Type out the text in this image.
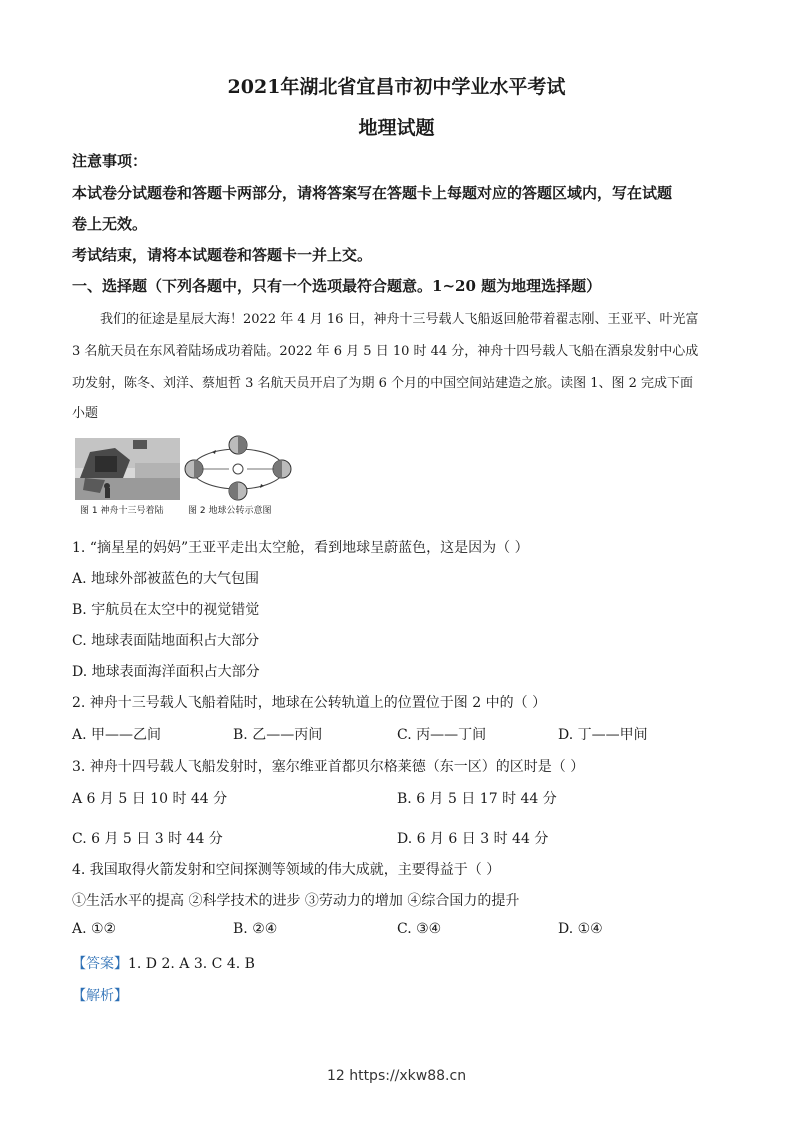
2021年湖北省宜昌市初中学业水平考试
地理试题
注意事项：
本试卷分试题卷和答题卡两部分，请将答案写在答题卡上每题对应的答题区域内，写在试题
卷上无效。
考试结束，请将本试题卷和答题卡一并上交。
一、选择题（下列各题中，只有一个选项最符合题意。1~20 题为地理选择题）
我们的征途是星辰大海！2022 年 4 月 16 日，神舟十三号载人飞船返回舱带着翟志刚、王亚平、叶光富
3 名航天员在东风着陆场成功着陆。2022 年 6 月 5 日 10 时 44 分，神舟十四号载人飞船在酒泉发射中心成
功发射，陈冬、刘洋、蔡旭哲 3 名航天员开启了为期 6 个月的中国空间站建造之旅。读图 1、图 2 完成下面
小题
图 1 神舟十三号着陆	图 2 地球公转示意图
1. “摘星星的妈妈”王亚平走出太空舱，看到地球呈蔚蓝色，这是因为（ ）
A. 地球外部被蓝色的大气包围
B. 宇航员在太空中的视觉错觉
C. 地球表面陆地面积占大部分
D. 地球表面海洋面积占大部分
2. 神舟十三号载人飞船着陆时，地球在公转轨道上的位置位于图 2 中的（ ）
A. 甲——乙间	B. 乙——丙间	C. 丙——丁间	D. 丁——甲间
3. 神舟十四号载人飞船发射时，塞尔维亚首都贝尔格莱德（东一区）的区时是（ ）
A 6 月 5 日 10 时 44 分	B. 6 月 5 日 17 时 44 分
C. 6 月 5 日 3 时 44 分	D. 6 月 6 日 3 时 44 分
4. 我国取得火箭发射和空间探测等领域的伟大成就，主要得益于（ ）
①生活水平的提高 ②科学技术的进步 ③劳动力的增加 ④综合国力的提升
A. ①②	B. ②④	C. ③④	D. ①④
【答案】1. D 2. A 3. C 4. B
【解析】
12 https://xkw88.cn
